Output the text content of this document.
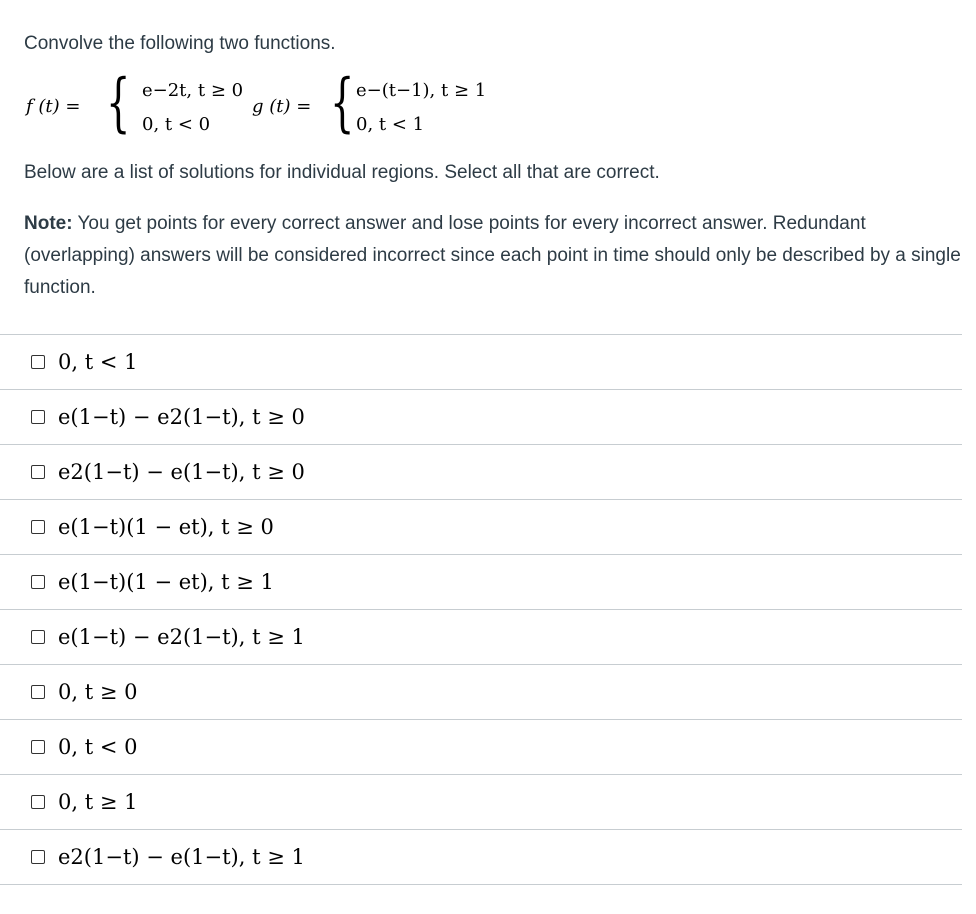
Convolve the following two functions.
f (t) = { e−2t, t ≥ 0
0, t < 0
g (t) = { e−(t−1), t ≥ 1
0, t < 1
Below are a list of solutions for individual regions. Select all that are correct.
Note: You get points for every correct answer and lose points for every incorrect answer. Redundant (overlapping) answers will be considered incorrect since each point in time should only be described by a single function.
0, t < 1
e(1−t) − e2(1−t), t ≥ 0
e2(1−t) − e(1−t), t ≥ 0
e(1−t)(1 − et), t ≥ 0
e(1−t)(1 − et), t ≥ 1
e(1−t) − e2(1−t), t ≥ 1
0, t ≥ 0
0, t < 0
0, t ≥ 1
e2(1−t) − e(1−t), t ≥ 1
